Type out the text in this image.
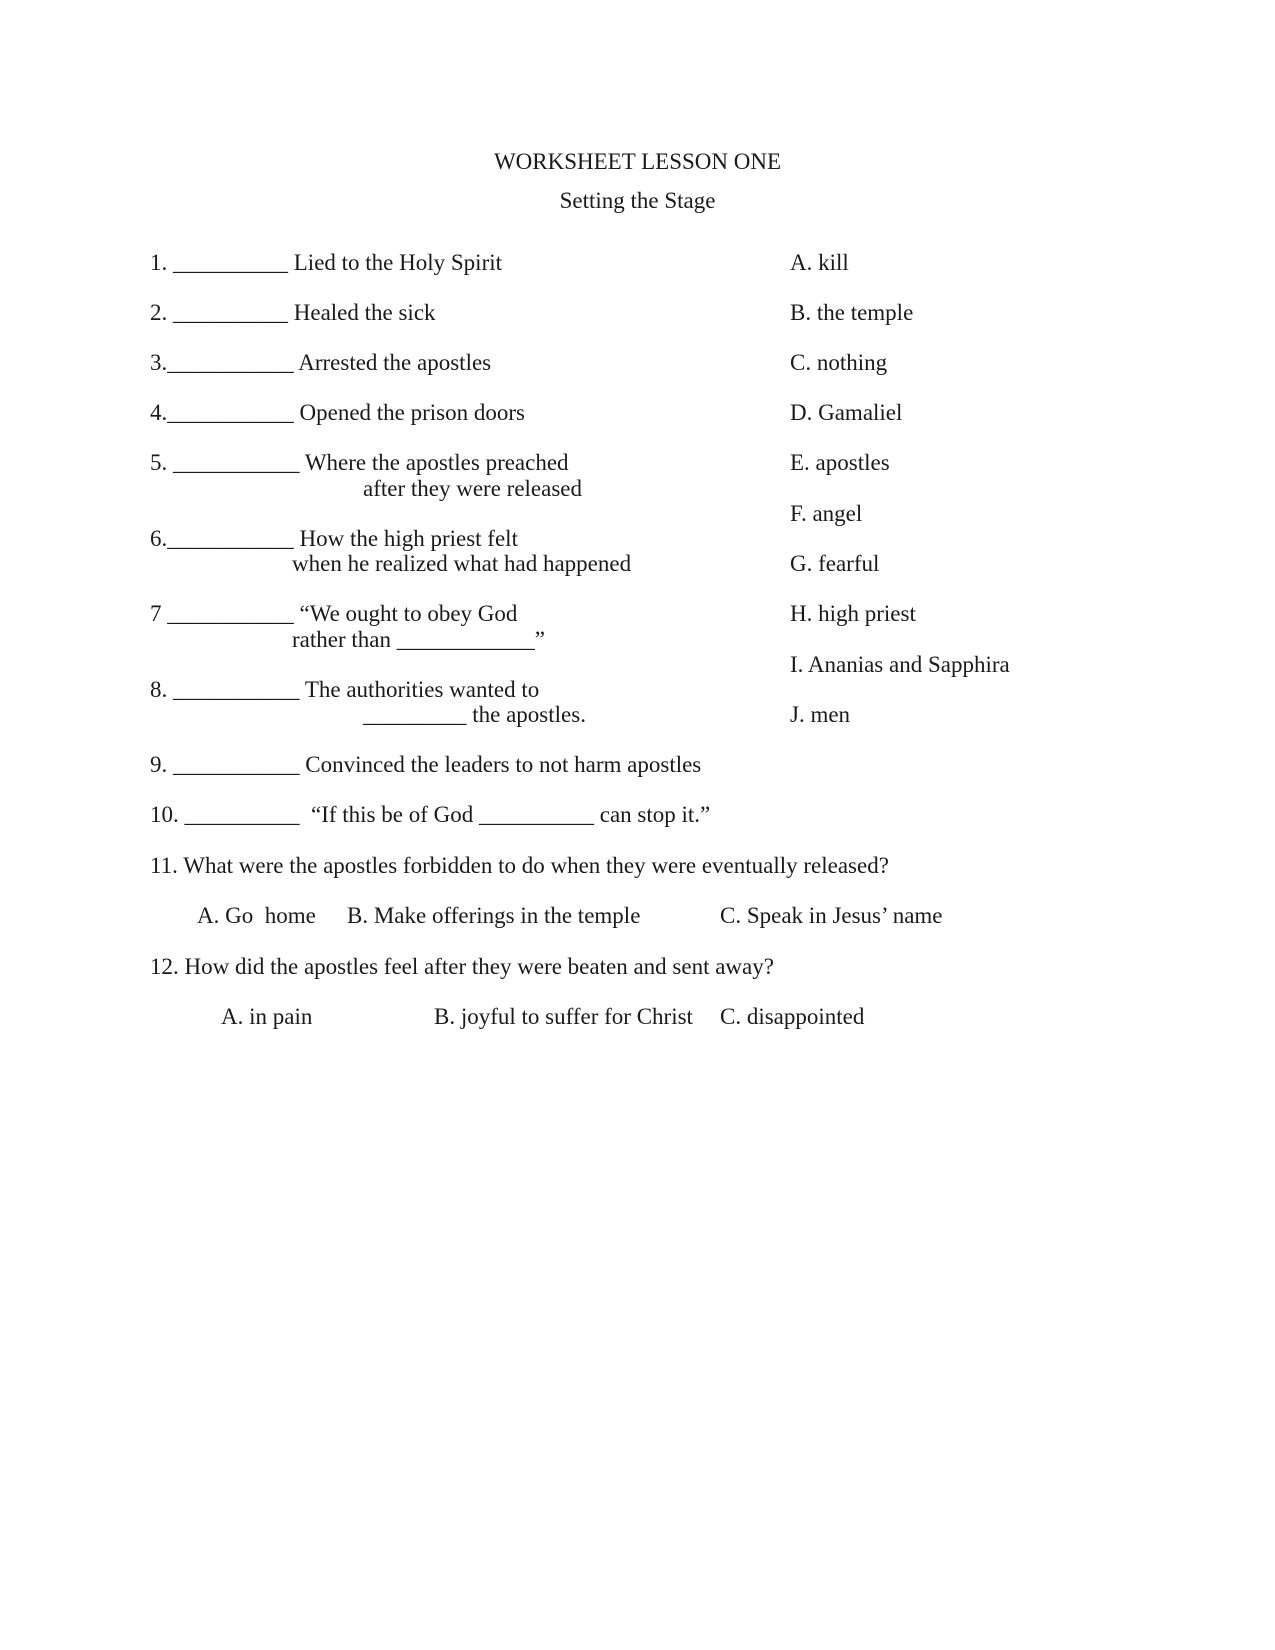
WORKSHEET LESSON ONE
Setting the Stage
1. __________ Lied to the Holy Spirit
2. __________ Healed the sick
3.___________ Arrested the apostles
4.___________ Opened the prison doors
5. ___________ Where the apostles preached
after they were released
6.___________ How the high priest felt
when he realized what had happened
7 ___________ “We ought to obey God
rather than ____________”
8. ___________ The authorities wanted to
_________ the apostles.
9. ___________ Convinced the leaders to not harm apostles
10. __________  “If this be of God __________ can stop it.”
A. kill
B. the temple
C. nothing
D. Gamaliel
E. apostles
F. angel
G. fearful
H. high priest
I. Ananias and Sapphira
J. men
11. What were the apostles forbidden to do when they were eventually released?
A. Go  home B. Make offerings in the temple	C. Speak in Jesus’ name
12. How did the apostles feel after they were beaten and sent away?
A. in pain	B. joyful to suffer for Christ C. disappointed
